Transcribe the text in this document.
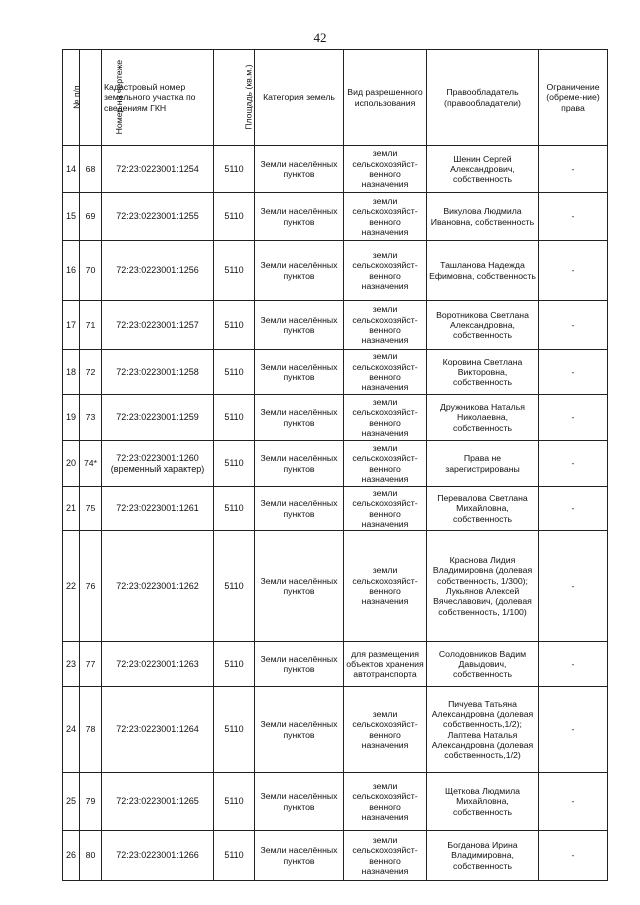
42
№ п/п	Номер на чертеже	Кадастровый номер земельного участка по сведениям ГКН	Площадь (кв.м.)	Категория земель	Вид разрешенного использования	Правообладатель (правообладатели)	Ограничение (обреме-ние) права
14	68	72:23:0223001:1254	5110	Земли населённых пунктов	земли сельскохозяйст-венного назначения	Шенин Сергей Александрович, собственность	-
15	69	72:23:0223001:1255	5110	Земли населённых пунктов	земли сельскохозяйст-венного назначения	Викулова Людмила Ивановна, собственность	-
16	70	72:23:0223001:1256	5110	Земли населённых пунктов	земли сельскохозяйст-венного назначения	Ташланова Надежда Ефимовна, собственность	-
17	71	72:23:0223001:1257	5110	Земли населённых пунктов	земли сельскохозяйст-венного назначения	Воротникова Светлана Александровна, собственность	-
18	72	72:23:0223001:1258	5110	Земли населённых пунктов	земли сельскохозяйст-венного назначения	Коровина Светлана Викторовна, собственность	-
19	73	72:23:0223001:1259	5110	Земли населённых пунктов	земли сельскохозяйст-венного назначения	Дружникова Наталья Николаевна, собственность	-
20	74*	72:23:0223001:1260 (временный характер)	5110	Земли населённых пунктов	земли сельскохозяйст-венного назначения	Права не зарегистрированы	-
21	75	72:23:0223001:1261	5110	Земли населённых пунктов	земли сельскохозяйст-венного назначения	Перевалова Светлана Михайловна, собственность	-
22	76	72:23:0223001:1262	5110	Земли населённых пунктов	земли сельскохозяйст-венного назначения	Краснова Лидия Владимировна (долевая собственность, 1/300); Лукьянов Алексей Вячеславович, (долевая собственность, 1/100)	-
23	77	72:23:0223001:1263	5110	Земли населённых пунктов	для размещения объектов хранения автотранспорта	Солодовников Вадим Давыдович, собственность	-
24	78	72:23:0223001:1264	5110	Земли населённых пунктов	земли сельскохозяйст-венного назначения	Пичуева Татьяна Александровна (долевая собственность,1/2); Лаптева Наталья Александровна (долевая собственность,1/2)	-
25	79	72:23:0223001:1265	5110	Земли населённых пунктов	земли сельскохозяйст-венного назначения	Щеткова Людмила Михайловна, собственность	-
26	80	72:23:0223001:1266	5110	Земли населённых пунктов	земли сельскохозяйст-венного назначения	Богданова Ирина Владимировна, собственность	-
